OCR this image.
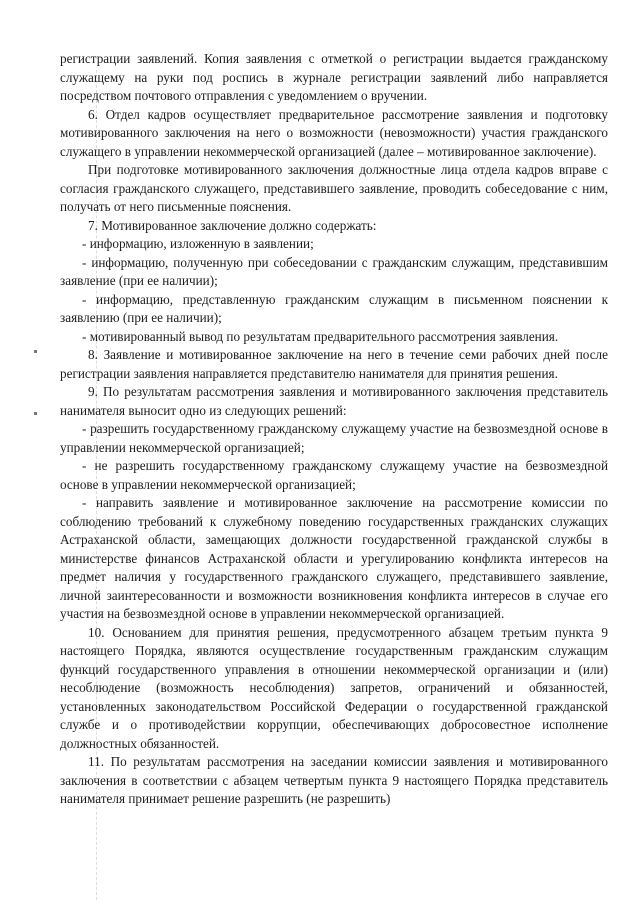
регистрации заявлений. Копия заявления с отметкой о регистрации выдается гражданскому служащему на руки под роспись в журнале регистрации заявлений либо направляется посредством почтового отправления с уведомлением о вручении.

6. Отдел кадров осуществляет предварительное рассмотрение заявления и подготовку мотивированного заключения на него о возможности (невозможности) участия гражданского служащего в управлении некоммерческой организацией (далее – мотивированное заключение).

При подготовке мотивированного заключения должностные лица отдела кадров вправе с согласия гражданского служащего, представившего заявление, проводить собеседование с ним, получать от него письменные пояснения.

7. Мотивированное заключение должно содержать:

- информацию, изложенную в заявлении;

- информацию, полученную при собеседовании с гражданским служащим, представившим заявление (при ее наличии);

- информацию, представленную гражданским служащим в письменном пояснении к заявлению (при ее наличии);

- мотивированный вывод по результатам предварительного рассмотрения заявления.

8. Заявление и мотивированное заключение на него в течение семи рабочих дней после регистрации заявления направляется представителю нанимателя для принятия решения.

9. По результатам рассмотрения заявления и мотивированного заключения представитель нанимателя выносит одно из следующих решений:

- разрешить государственному гражданскому служащему участие на безвозмездной основе в управлении некоммерческой организацией;

- не разрешить государственному гражданскому служащему участие на безвозмездной основе в управлении некоммерческой организацией;

- направить заявление и мотивированное заключение на рассмотрение комиссии по соблюдению требований к служебному поведению государственных гражданских служащих Астраханской области, замещающих должности государственной гражданской службы в министерстве финансов Астраханской области и урегулированию конфликта интересов на предмет наличия у государственного гражданского служащего, представившего заявление, личной заинтересованности и возможности возникновения конфликта интересов в случае его участия на безвозмездной основе в управлении некоммерческой организацией.

10. Основанием для принятия решения, предусмотренного абзацем третьим пункта 9 настоящего Порядка, являются осуществление государственным гражданским служащим функций государственного управления в отношении некоммерческой организации и (или) несоблюдение (возможность несоблюдения) запретов, ограничений и обязанностей, установленных законодательством Российской Федерации о государственной гражданской службе и о противодействии коррупции, обеспечивающих добросовестное исполнение должностных обязанностей.

11. По результатам рассмотрения на заседании комиссии заявления и мотивированного заключения в соответствии с абзацем четвертым пункта 9 настоящего Порядка представитель нанимателя принимает решение разрешить (не разрешить)
